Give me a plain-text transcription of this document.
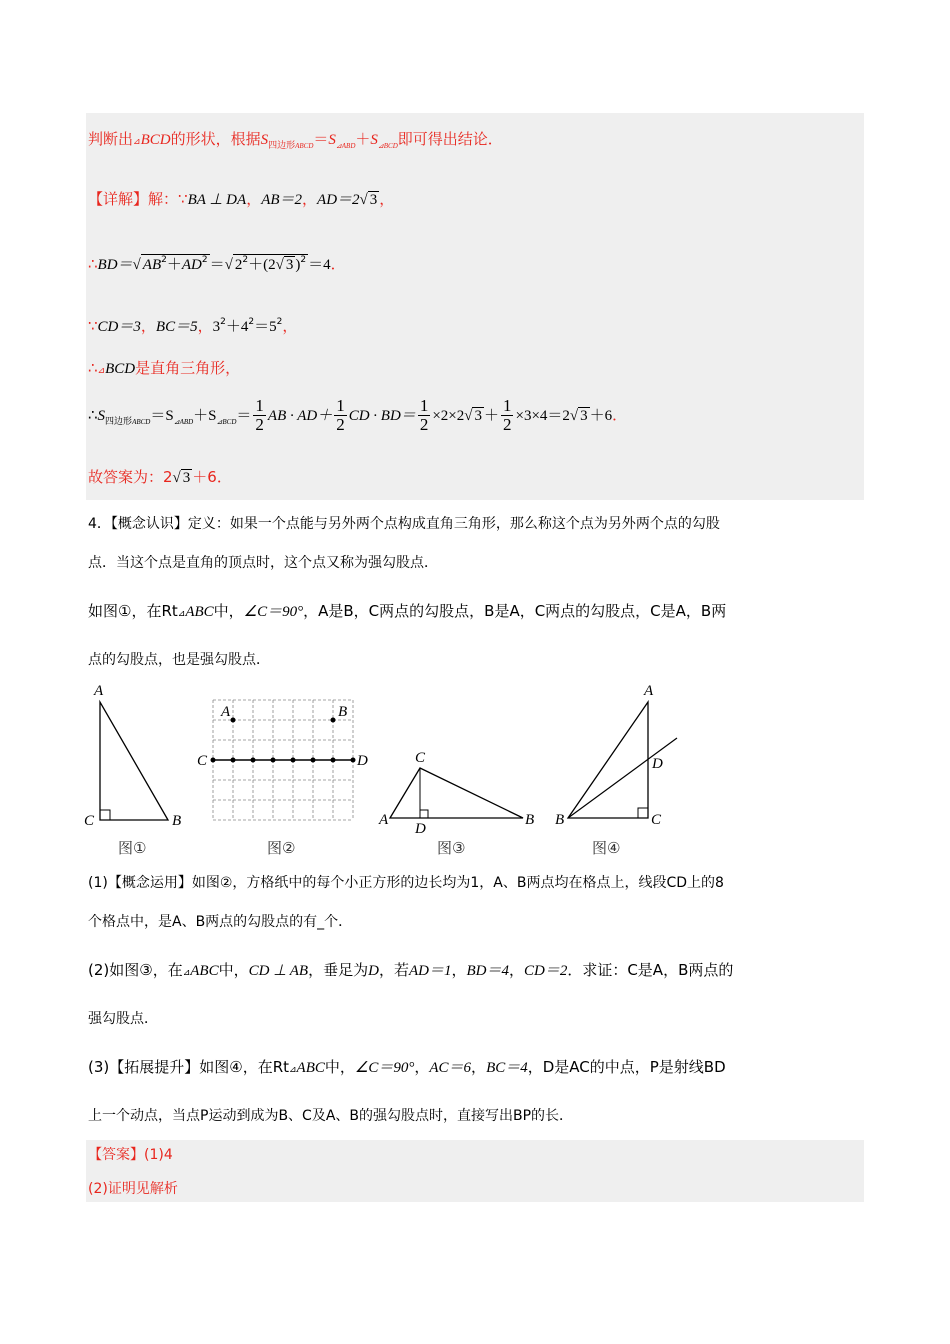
判断出⊿BCD的形状，根据$S_{四边形ABCD}=S_{⊿ABD}+S_{⊿BCD}$即可得出结论．
【详解】解：∵BA ⊥ DA，AB＝2，AD＝2√ 3 ，
∴BD＝√ $AB^2+AD^2$ ＝√ $2^2+(2√$ 3 )$^2$ ＝4．
∵CD＝3，BC＝5，$3^2+4^2=5^2$，
∴⊿BCD是直角三角形，
$\therefore S_{四边形ABCD}=S_{⊿ABD}+S_{⊿BCD}= \frac{1}{2}$ AB · $AD+ \frac{1}{2}$ CD · $BD= \frac{1}{2} \times 2\times 2√$ $3 + \frac{1}{2} \times 3\times 4=2√$ 3 ＋6．
故答案为：2√ 3 ＋6．
4．【概念认识】定义：如果一个点能与另外两个点构成直角三角形，那么称这个点为另外两个点的勾股
点．当这个点是直角的顶点时，这个点又称为强勾股点．
如图①，在Rt⊿ABC中，∠C＝90°，A是B，C两点的勾股点，B是A，C两点的勾股点，C是A，B两
点的勾股点，也是强勾股点．
A
C	B
图①
A	B
C	D
图②
C
A	B
D
图③
A
D
B	C
图④
(1)【概念运用】如图②，方格纸中的每个小正方形的边长均为1，A、B两点均在格点上，线段CD上的8
个格点中，是A、B两点的勾股点的有_个．
(2)如图③，在⊿ABC中，CD ⊥ AB，垂足为D，若AD＝1，BD＝4，CD＝2．求证：C是A，B两点的
强勾股点．
(3)【拓展提升】如图④，在Rt⊿ABC中，∠C＝90°，AC＝6，BC＝4，D是AC的中点，P是射线BD
上一个动点，当点P运动到成为B、C及A、B的强勾股点时，直接写出BP的长．
【答案】(1)4
(2)证明见解析
